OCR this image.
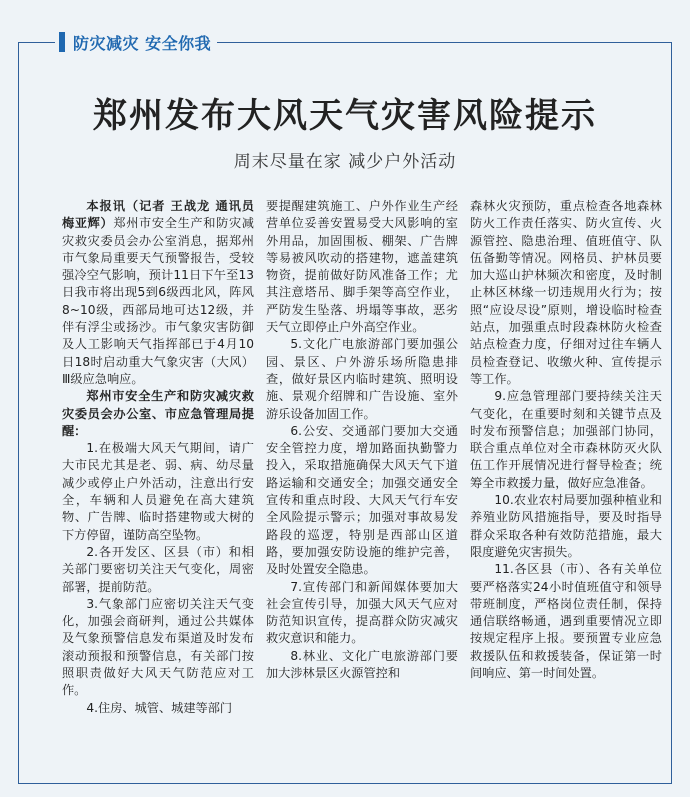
防灾减灾 安全你我
郑州发布大风天气灾害风险提示
周末尽量在家 减少户外活动

本报讯（记者 王战龙 通讯员 梅亚辉）郑州市安全生产和防灾减灾救灾委员会办公室消息，据郑州市气象局重要天气预警报告，受较强冷空气影响，预计11日下午至13日我市将出现5到6级西北风，阵风8~10级，西部局地可达12级，并伴有浮尘或扬沙。市气象灾害防御及人工影响天气指挥部已于4月10日18时启动重大气象灾害（大风）Ⅲ级应急响应。

郑州市安全生产和防灾减灾救灾委员会办公室、市应急管理局提醒：

1.在极端大风天气期间，请广大市民尤其是老、弱、病、幼尽量减少或停止户外活动，注意出行安全，车辆和人员避免在高大建筑物、广告牌、临时搭建物或大树的下方停留，谨防高空坠物。

2.各开发区、区县（市）和相关部门要密切关注天气变化，周密部署，提前防范。

3.气象部门应密切关注天气变化，加强会商研判，通过公共媒体及气象预警信息发布渠道及时发布滚动预报和预警信息，有关部门按照职责做好大风天气防范应对工作。

4.住房、城管、城建等部门

要提醒建筑施工、户外作业生产经营单位妥善安置易受大风影响的室外用品，加固围板、棚架、广告牌等易被风吹动的搭建物，遮盖建筑物资，提前做好防风准备工作；尤其注意塔吊、脚手架等高空作业，严防发生坠落、坍塌等事故，恶劣天气立即停止户外高空作业。

5.文化广电旅游部门要加强公园、景区、户外游乐场所隐患排查，做好景区内临时建筑、照明设施、景观介绍牌和广告设施、室外游乐设备加固工作。

6.公安、交通部门要加大交通安全管控力度，增加路面执勤警力投入，采取措施确保大风天气下道路运输和交通安全；加强交通安全宣传和重点时段、大风天气行车安全风险提示警示；加强对事故易发路段的巡逻，特别是西部山区道路，要加强安防设施的维护完善，及时处置安全隐患。

7.宣传部门和新闻媒体要加大社会宣传引导，加强大风天气应对防范知识宣传，提高群众防灾减灾救灾意识和能力。

8.林业、文化广电旅游部门要加大涉林景区火源管控和

森林火灾预防，重点检查各地森林防火工作责任落实、防火宣传、火源管控、隐患治理、值班值守、队伍备勤等情况。网格员、护林员要加大巡山护林频次和密度，及时制止林区林缘一切违规用火行为；按照“应设尽设”原则，增设临时检查站点，加强重点时段森林防火检查站点检查力度，仔细对过往车辆人员检查登记、收缴火种、宣传提示等工作。

9.应急管理部门要持续关注天气变化，在重要时刻和关键节点及时发布预警信息；加强部门协同，联合重点单位对全市森林防灭火队伍工作开展情况进行督导检查；统筹全市救援力量，做好应急准备。

10.农业农村局要加强种植业和养殖业防风措施指导，要及时指导群众采取各种有效防范措施，最大限度避免灾害损失。

11.各区县（市）、各有关单位要严格落实24小时值班值守和领导带班制度，严格岗位责任制，保持通信联络畅通，遇到重要情况立即按规定程序上报。要预置专业应急救援队伍和救援装备，保证第一时间响应、第一时间处置。
